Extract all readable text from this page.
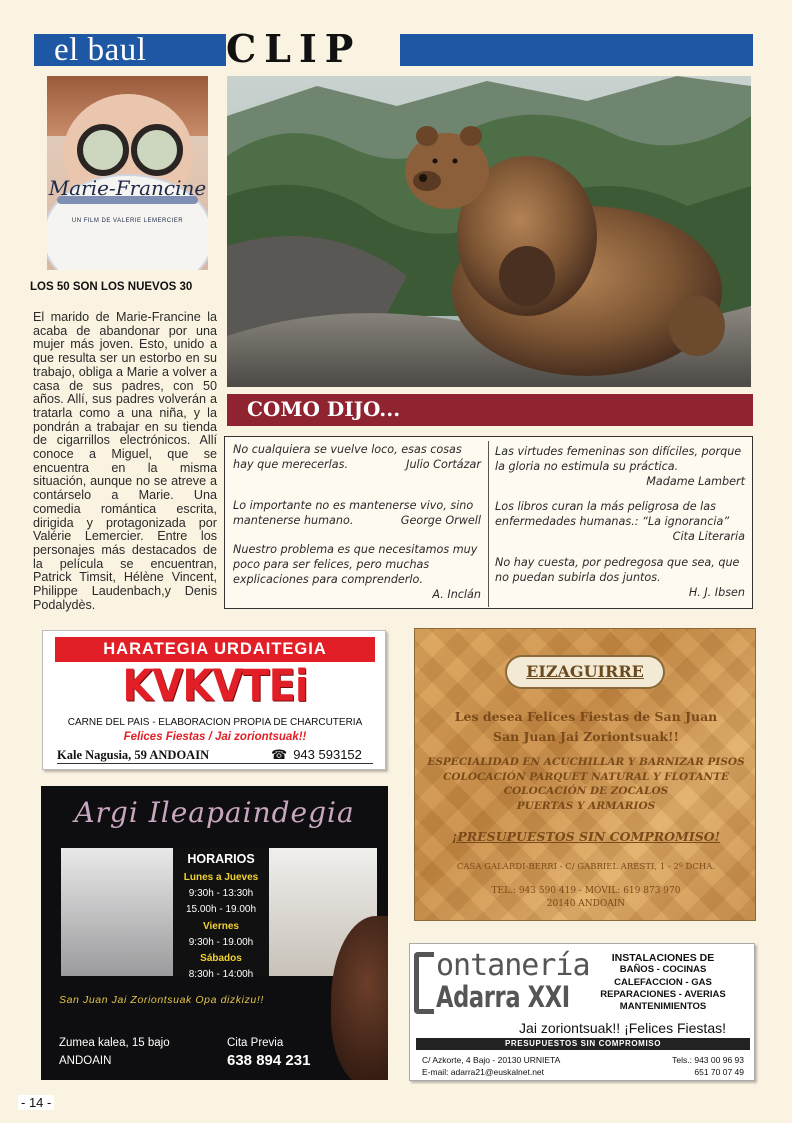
el baul CLIP
Marie-Francine
UN FILM DE VALERIE LEMERCIER
LOS 50 SON LOS NUEVOS 30
El marido de Marie-Francine la acaba de abandonar por una mujer más joven. Esto, unido a que resulta ser un estorbo en su trabajo, obliga a Marie a volver a casa de sus padres, con 50 años. Allí, sus padres volverán a tratarla como a una niña, y la pondrán a trabajar en su tienda de cigarrillos electrónicos. Allí conoce a Miguel, que se encuentra en la misma situación, aunque no se atreve a contárselo a Marie. Una comedia romántica escrita, dirigida y protagonizada por Valérie Lemercier. Entre los personajes más destacados de la película se encuentran, Patrick Timsit, Hélène Vincent, Philippe Laudenbach,y Denis Podalydès.
COMO DIJO...
No cualquiera se vuelve loco, esas cosas hay que merecerlas.	Julio Cortázar
Lo importante no es mantenerse vivo, sino mantenerse humano.	George Orwell
Nuestro problema es que necesitamos muy poco para ser felices, pero muchas explicaciones para comprenderlo.
A. Inclán
Las virtudes femeninas son difíciles, porque la gloria no estimula su práctica.
Madame Lambert
Los libros curan la más peligrosa de las enfermedades humanas.: “La ignorancia”
Cita Literaria
No hay cuesta, por pedregosa que sea, que no puedan subirla dos juntos.
H. J. Ibsen
HARATEGIA URDAITEGIA
KVKVTEi
CARNE DEL PAIS - ELABORACION PROPIA DE CHARCUTERIA
Felices Fiestas / Jai zoriontsuak!!
Kale Nagusia, 59 ANDOAIN	☎ 943 593152
Argi Ileapaindegia
HORARIOS
Lunes a Jueves
9:30h - 13:30h
15.00h - 19.00h
Viernes
9:30h - 19.00h
Sábados
8:30h - 14:00h
San Juan Jai Zoriontsuak Opa dizkizu!!
Zumea kalea, 15 bajo
ANDOAIN
Cita Previa
638 894 231
EIZAGUIRRE
Les desea Felices Fiestas de San Juan
San Juan Jai Zoriontsuak!!
ESPECIALIDAD EN ACUCHILLAR Y BARNIZAR PISOS
COLOCACIÓN PARQUET NATURAL Y FLOTANTE
COLOCACIÓN DE ZOCALOS
PUERTAS Y ARMARIOS
¡PRESUPUESTOS SIN COMPROMISO!
CASA GALARDI-BERRI - C/ GABRIEL ARESTI, 1 - 2º DCHA.
TEL.: 943 590 419 - MÓVIL: 619 873 970
20140 ANDOAIN
ontanería
Adarra XXI
INSTALACIONES DE
BAÑOS - COCINAS
CALEFACCION - GAS
REPARACIONES - AVERIAS
MANTENIMIENTOS
Jai zoriontsuak!! ¡Felices Fiestas!
PRESUPUESTOS SIN COMPROMISO
C/ Azkorte, 4 Bajo - 20130 URNIETA
E-mail: adarra21@euskalnet.net
Tels.: 943 00 96 93
651 70 07 49
- 14 -
